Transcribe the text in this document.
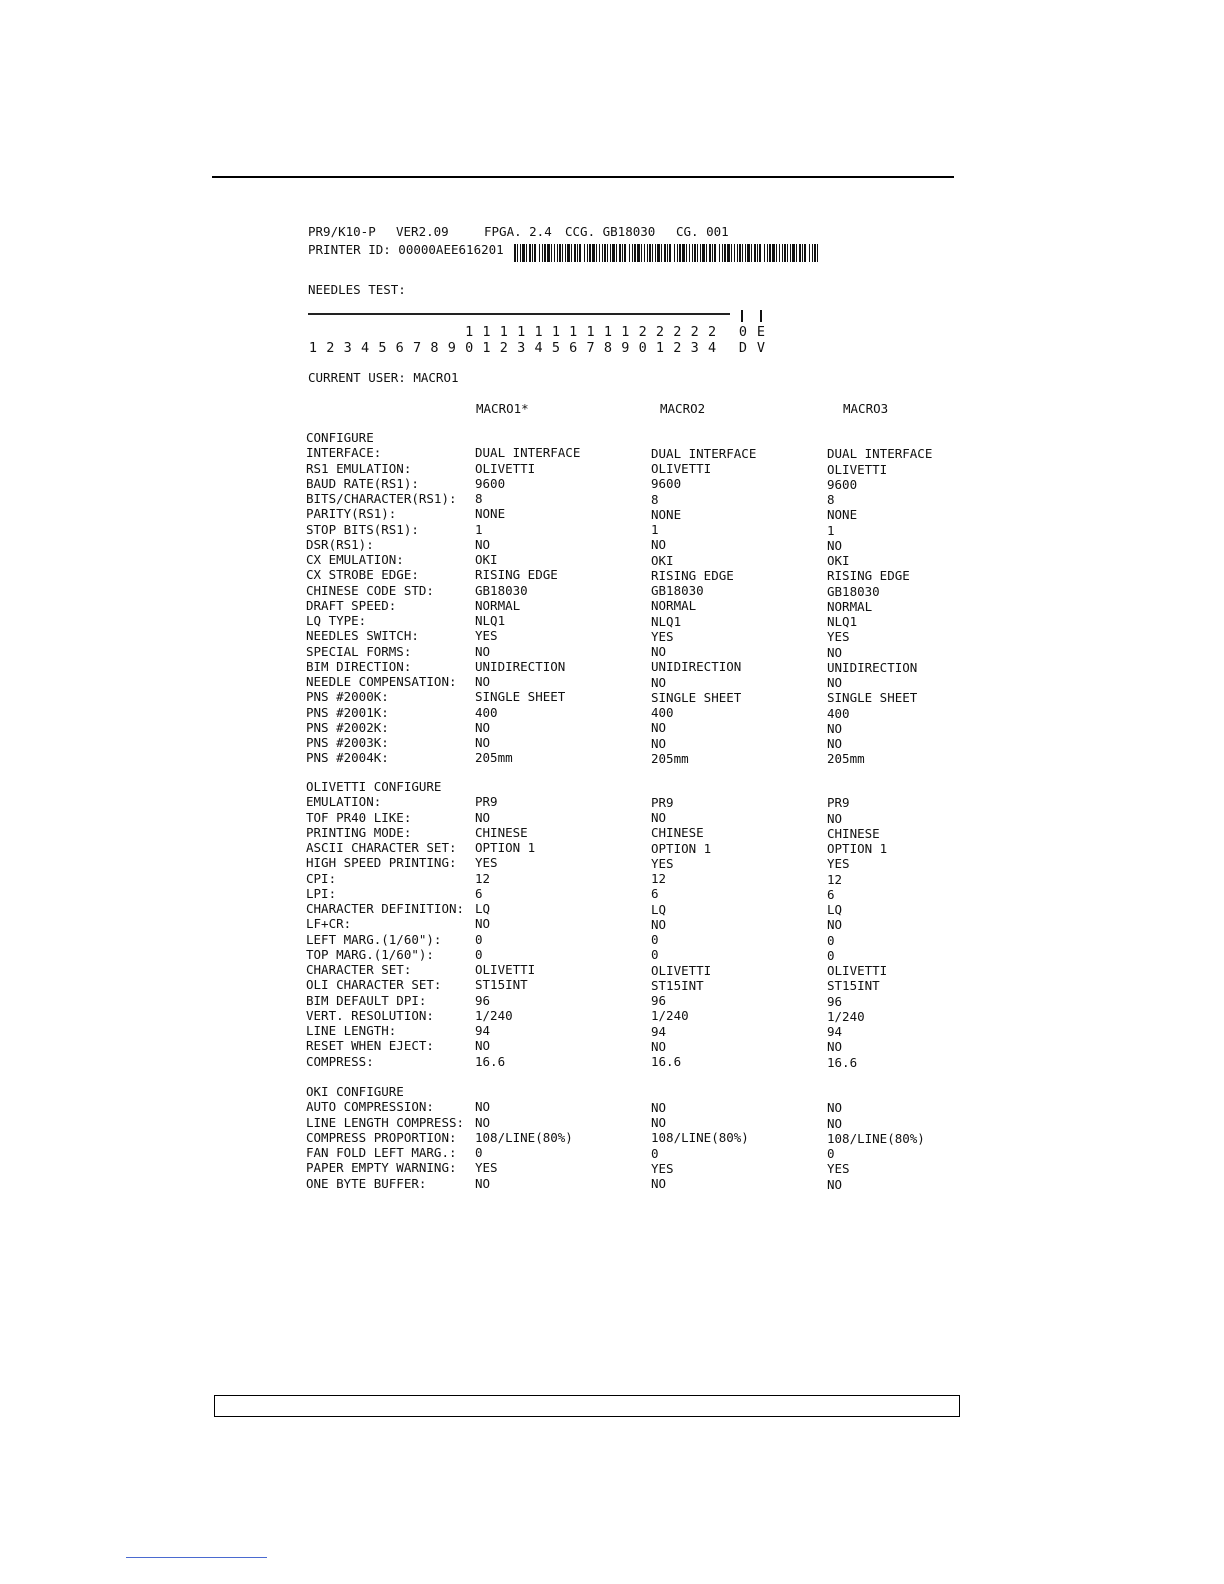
PR9/K10-P VER2.09	FPGA. 2.4 CCG. GB18030 CG. 001
PRINTER ID: 00000AEE616201
NEEDLES TEST:
1 1 1 1 1 1 1 1 1 1 2 2 2 2 2 0 E
1 2 3 4 5 6 7 8 9 0 1 2 3 4 5 6 7 8 9 0 1 2 3 4 D V
CURRENT USER: MACRO1
MACRO1*	MACRO2	MACRO3
CONFIGURE
INTERFACE:	DUAL INTERFACE	DUAL INTERFACE	DUAL INTERFACE
RS1 EMULATION:	OLIVETTI	OLIVETTI	OLIVETTI
BAUD RATE(RS1):	9600	9600	9600
BITS/CHARACTER(RS1): 8	8	8
PARITY(RS1):	NONE	NONE	NONE
STOP BITS(RS1):	1	1	1
DSR(RS1):	NO	NO	NO
CX EMULATION:	OKI	OKI	OKI
CX STROBE EDGE:	RISING EDGE	RISING EDGE	RISING EDGE
CHINESE CODE STD:	GB18030	GB18030	GB18030
DRAFT SPEED:	NORMAL	NORMAL	NORMAL
LQ TYPE:	NLQ1	NLQ1	NLQ1
NEEDLES SWITCH:	YES	YES	YES
SPECIAL FORMS:	NO	NO	NO
BIM DIRECTION:	UNIDIRECTION	UNIDIRECTION	UNIDIRECTION
NEEDLE COMPENSATION: NO	NO	NO
PNS #2000K:	SINGLE SHEET	SINGLE SHEET	SINGLE SHEET
PNS #2001K:	400	400	400
PNS #2002K:	NO	NO	NO
PNS #2003K:	NO	NO	NO
PNS #2004K:	205mm	205mm	205mm
OLIVETTI CONFIGURE
EMULATION:	PR9	PR9	PR9
TOF PR40 LIKE:	NO	NO	NO
PRINTING MODE:	CHINESE	CHINESE	CHINESE
ASCII CHARACTER SET: OPTION 1	OPTION 1	OPTION 1
HIGH SPEED PRINTING: YES	YES	YES
CPI:	12	12	12
LPI:	6	6	6
CHARACTER DEFINITION: LQ	LQ	LQ
LF+CR:	NO	NO	NO
LEFT MARG.(1/60"):	0	0	0
TOP MARG.(1/60"):	0	0	0
CHARACTER SET:	OLIVETTI	OLIVETTI	OLIVETTI
OLI CHARACTER SET:	ST15INT	ST15INT	ST15INT
BIM DEFAULT DPI:	96	96	96
VERT. RESOLUTION:	1/240	1/240	1/240
LINE LENGTH:	94	94	94
RESET WHEN EJECT:	NO	NO	NO
COMPRESS:	16.6	16.6	16.6
OKI CONFIGURE
AUTO COMPRESSION:	NO	NO	NO
LINE LENGTH COMPRESS: NO	NO	NO
COMPRESS PROPORTION: 108/LINE(80%)	108/LINE(80%)	108/LINE(80%)
FAN FOLD LEFT MARG.: 0	0	0
PAPER EMPTY WARNING: YES	YES	YES
ONE BYTE BUFFER:	NO	NO	NO
